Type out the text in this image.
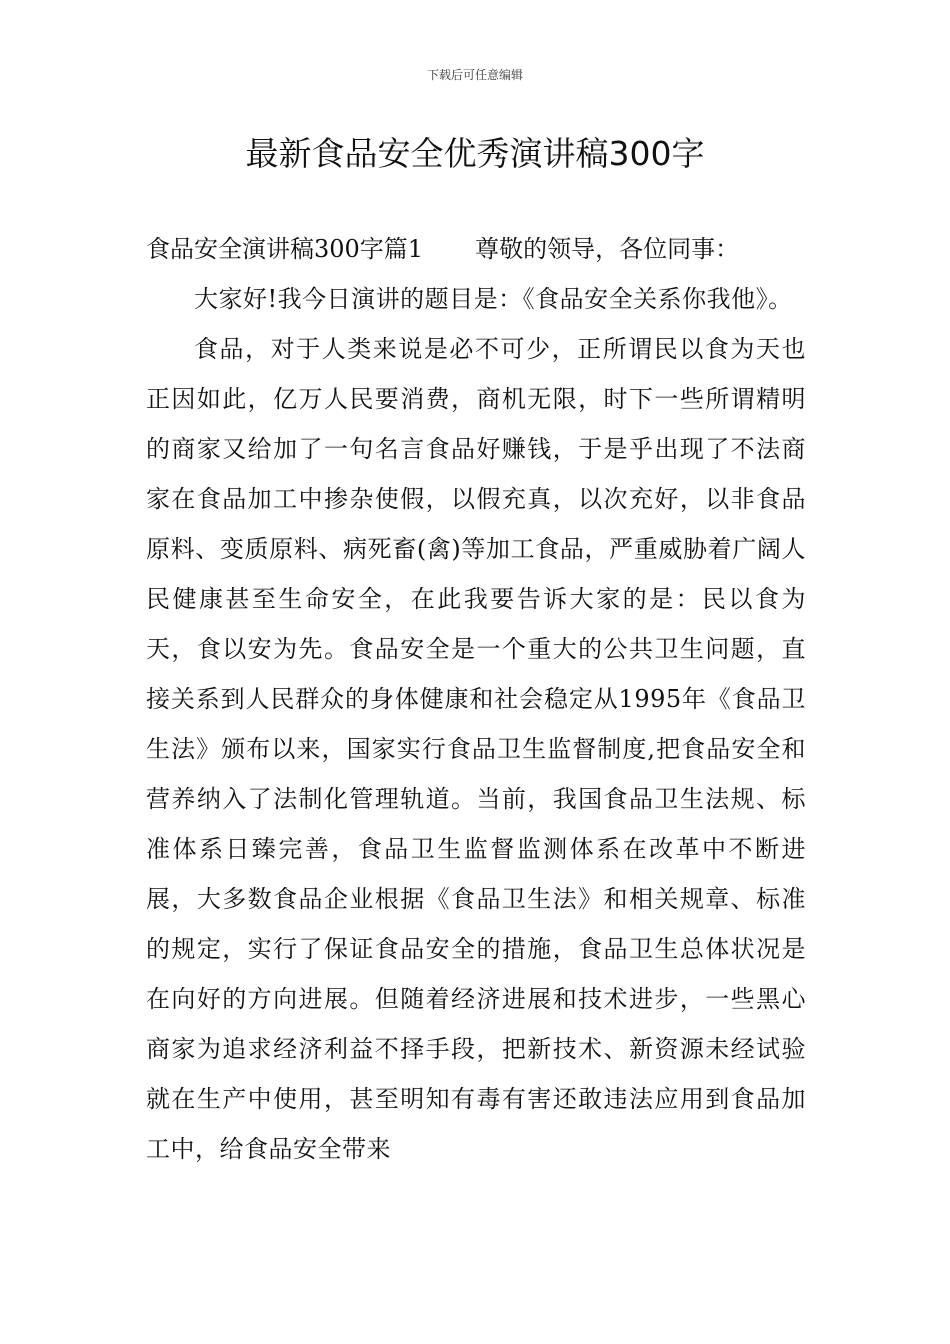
下载后可任意编辑
最新食品安全优秀演讲稿300字
食品安全演讲稿300字篇1 尊敬的领导，各位同事：

大家好!我今日演讲的题目是：《食品安全关系你我他》。

食品，对于人类来说是必不可少，正所谓民以食为天也正因如此，亿万人民要消费，商机无限，时下一些所谓精明的商家又给加了一句名言食品好赚钱，于是乎出现了不法商家在食品加工中掺杂使假，以假充真，以次充好，以非食品原料、变质原料、病死畜(禽)等加工食品，严重威胁着广阔人民健康甚至生命安全，在此我要告诉大家的是：民以食为天，食以安为先。食品安全是一个重大的公共卫生问题，直接关系到人民群众的身体健康和社会稳定从1995年《食品卫生法》颁布以来，国家实行食品卫生监督制度,把食品安全和营养纳入了法制化管理轨道。当前，我国食品卫生法规、标准体系日臻完善，食品卫生监督监测体系在改革中不断进展，大多数食品企业根据《食品卫生法》和相关规章、标准的规定，实行了保证食品安全的措施，食品卫生总体状况是在向好的方向进展。但随着经济进展和技术进步，一些黑心商家为追求经济利益不择手段，把新技术、新资源未经试验就在生产中使用，甚至明知有毒有害还敢违法应用到食品加工中，给食品安全带来
